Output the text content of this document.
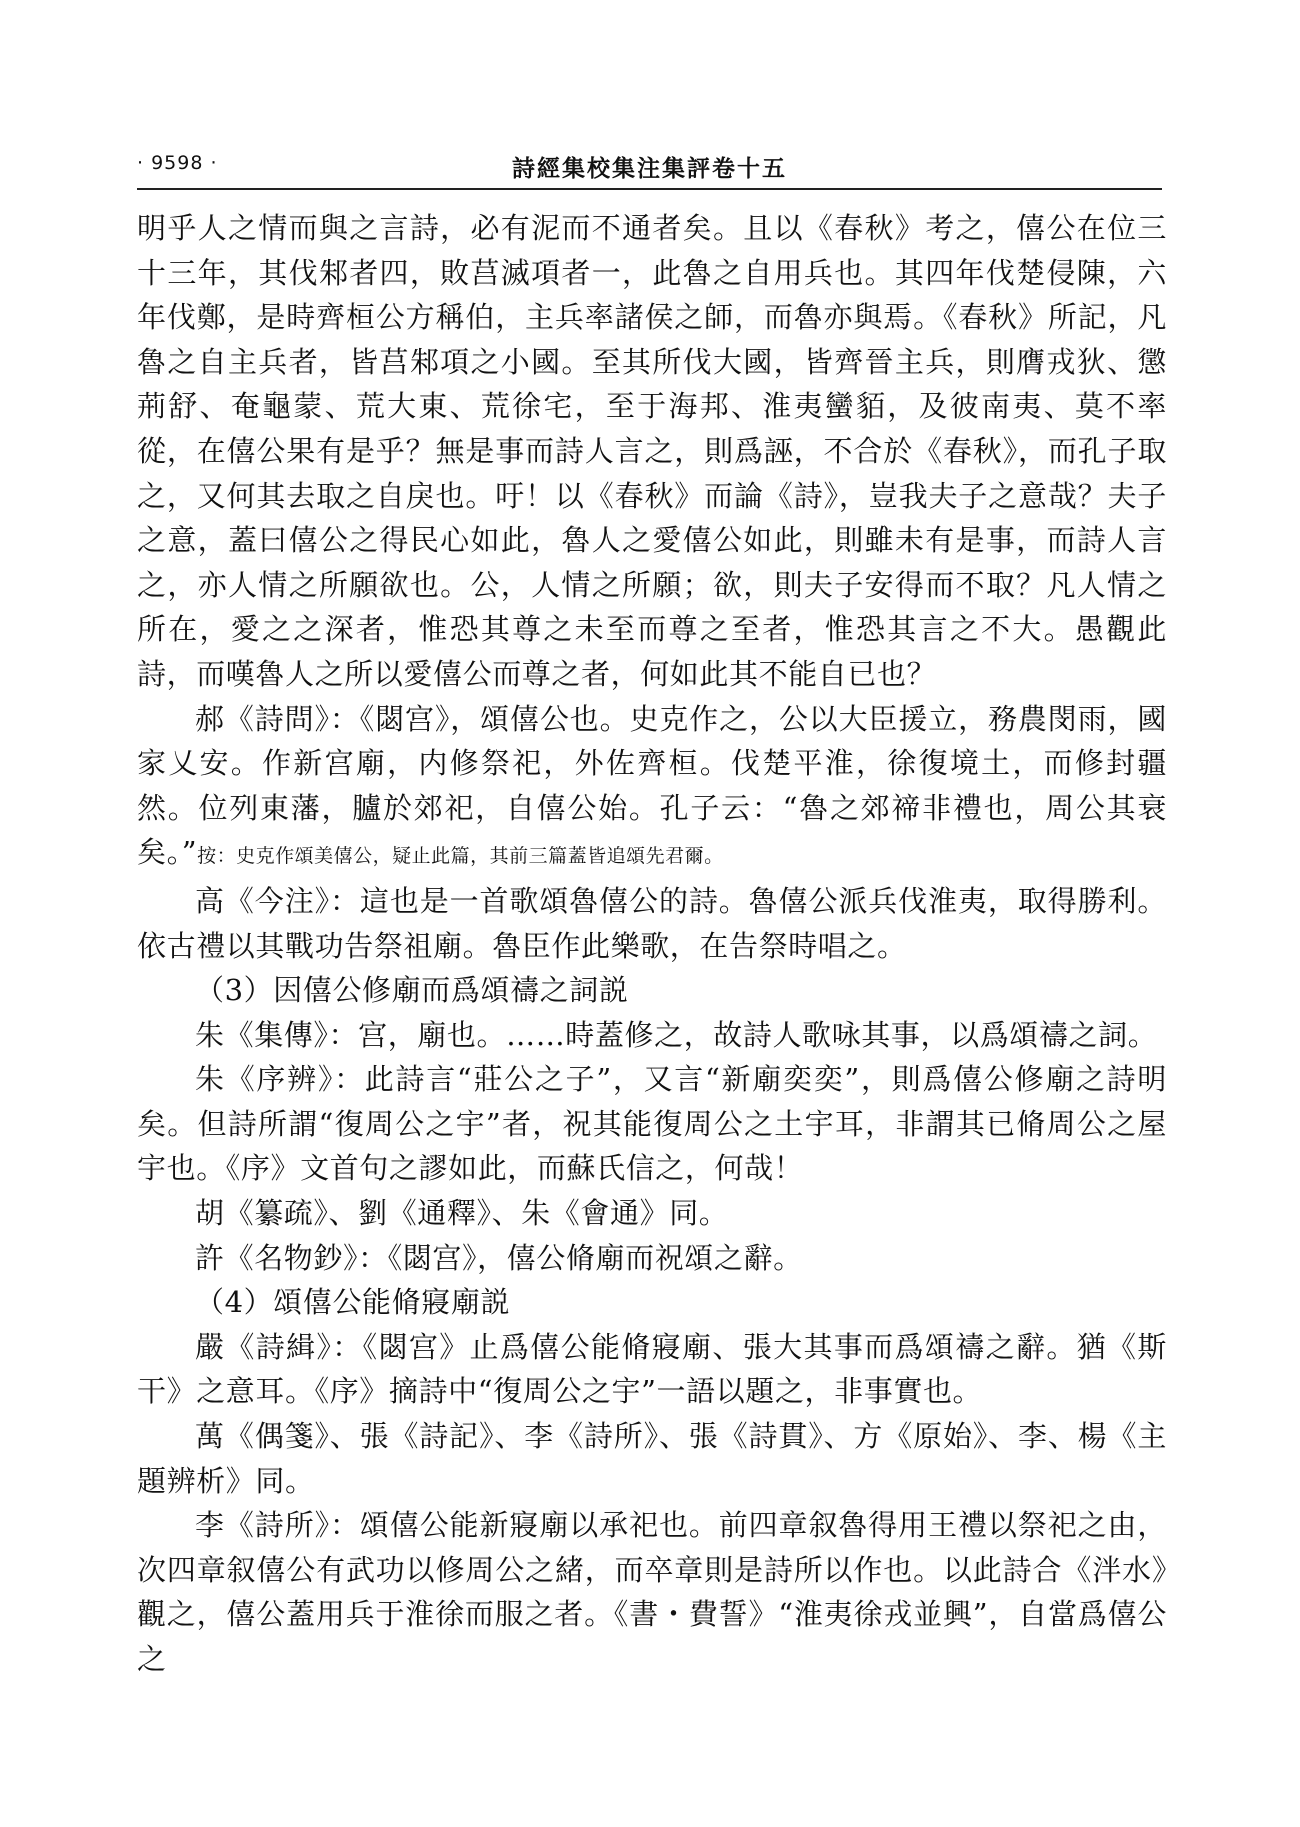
· 9598 ·	詩經集校集注集評卷十五

明乎人之情而與之言詩，必有泥而不通者矣。且以《春秋》考之，僖公在位三十三年，其伐邾者四，敗莒滅項者一，此魯之自用兵也。其四年伐楚侵陳，六年伐鄭，是時齊桓公方稱伯，主兵率諸侯之師，而魯亦與焉。《春秋》所記，凡魯之自主兵者，皆莒邾項之小國。至其所伐大國，皆齊晉主兵，則膺戎狄、懲荊舒、奄龜蒙、荒大東、荒徐宅，至于海邦、淮夷蠻貊，及彼南夷、莫不率從，在僖公果有是乎？無是事而詩人言之，則爲誣，不合於《春秋》，而孔子取之，又何其去取之自戾也。吁！以《春秋》而論《詩》，豈我夫子之意哉？夫子之意，蓋曰僖公之得民心如此，魯人之愛僖公如此，則雖未有是事，而詩人言之，亦人情之所願欲也。公，人情之所願；欲，則夫子安得而不取？凡人情之所在，愛之之深者，惟恐其尊之未至而尊之至者，惟恐其言之不大。愚觀此詩，而嘆魯人之所以愛僖公而尊之者，何如此其不能自已也？

郝《詩問》：《閟宫》，頌僖公也。史克作之，公以大臣援立，務農閔雨，國家乂安。作新宫廟，内修祭祀，外佐齊桓。伐楚平淮，徐復境土，而修封疆然。位列東藩，臚於郊祀，自僖公始。孔子云：“魯之郊禘非禮也，周公其衰矣。”按：史克作頌美僖公，疑止此篇，其前三篇蓋皆追頌先君爾。

高《今注》：這也是一首歌頌魯僖公的詩。魯僖公派兵伐淮夷，取得勝利。依古禮以其戰功告祭祖廟。魯臣作此樂歌，在告祭時唱之。

（3）因僖公修廟而爲頌禱之詞説

朱《集傳》：宫，廟也。……時蓋修之，故詩人歌咏其事，以爲頌禱之詞。

朱《序辨》：此詩言“莊公之子”，又言“新廟奕奕”，則爲僖公修廟之詩明矣。但詩所謂“復周公之宇”者，祝其能復周公之土宇耳，非謂其已脩周公之屋宇也。《序》文首句之謬如此，而蘇氏信之，何哉！

胡《纂疏》、劉《通釋》、朱《會通》同。

許《名物鈔》：《閟宫》，僖公脩廟而祝頌之辭。

（4）頌僖公能脩寢廟説

嚴《詩緝》：《閟宫》止爲僖公能脩寢廟、張大其事而爲頌禱之辭。猶《斯干》之意耳。《序》摘詩中“復周公之宇”一語以題之，非事實也。

萬《偶箋》、張《詩記》、李《詩所》、張《詩貫》、方《原始》、李、楊《主題辨析》同。

李《詩所》：頌僖公能新寢廟以承祀也。前四章叙魯得用王禮以祭祀之由，次四章叙僖公有武功以修周公之緒，而卒章則是詩所以作也。以此詩合《泮水》觀之，僖公蓋用兵于淮徐而服之者。《書・費誓》“淮夷徐戎並興”，自當爲僖公之
